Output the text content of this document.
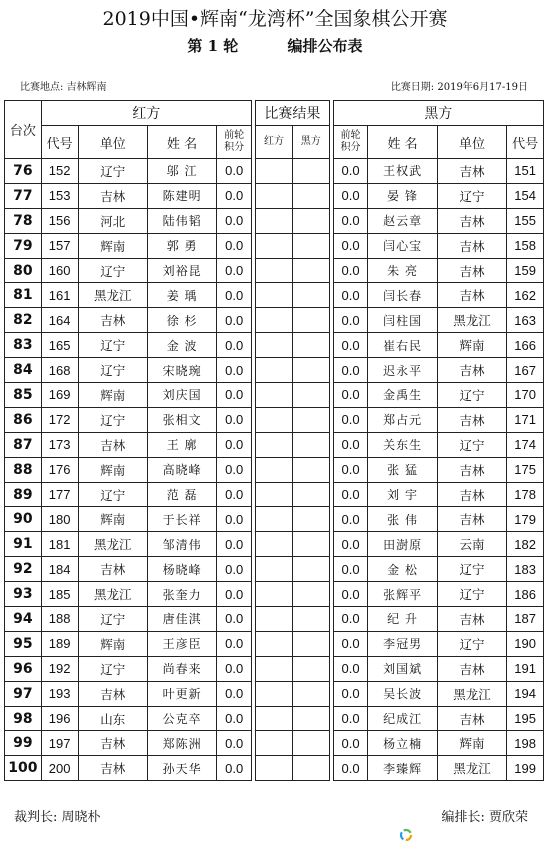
2019中国•辉南“龙湾杯”全国象棋公开赛
第 1 轮	编排公布表
比赛地点: 吉林辉南	比赛日期: 2019年6月17-19日
台次	红方					比赛结果			黑方			
	代号	单位	姓 名	前轮积分		红方	黑方		前轮积分	姓 名	单位	代号
76	152	辽宁	邬 江	0.0					0.0	王权武	吉林	151
77	153	吉林	陈建明	0.0					0.0	晏 锋	辽宁	154
78	156	河北	陆伟韬	0.0					0.0	赵云章	吉林	155
79	157	辉南	郭 勇	0.0					0.0	闫心宝	吉林	158
80	160	辽宁	刘裕昆	0.0					0.0	朱 亮	吉林	159
81	161	黑龙江	姜 瑀	0.0					0.0	闫长春	吉林	162
82	164	吉林	徐 杉	0.0					0.0	闫柱国	黑龙江	163
83	165	辽宁	金 波	0.0					0.0	崔右民	辉南	166
84	168	辽宁	宋晓琬	0.0					0.0	迟永平	吉林	167
85	169	辉南	刘庆国	0.0					0.0	金禹生	辽宁	170
86	172	辽宁	张相文	0.0					0.0	郑占元	吉林	171
87	173	吉林	王 廓	0.0					0.0	关东生	辽宁	174
88	176	辉南	高晓峰	0.0					0.0	张 猛	吉林	175
89	177	辽宁	范 磊	0.0					0.0	刘 宇	吉林	178
90	180	辉南	于长祥	0.0					0.0	张 伟	吉林	179
91	181	黑龙江	邹清伟	0.0					0.0	田澍原	云南	182
92	184	吉林	杨晓峰	0.0					0.0	金 松	辽宁	183
93	185	黑龙江	张奎力	0.0					0.0	张辉平	辽宁	186
94	188	辽宁	唐佳淇	0.0					0.0	纪 升	吉林	187
95	189	辉南	王彦臣	0.0					0.0	李冠男	辽宁	190
96	192	辽宁	尚春来	0.0					0.0	刘国斌	吉林	191
97	193	吉林	叶更新	0.0					0.0	吴长波	黑龙江	194
98	196	山东	公克卒	0.0					0.0	纪成江	吉林	195
99	197	吉林	郑陈洲	0.0					0.0	杨立楠	辉南	198
100	200	吉林	孙天华	0.0					0.0	李臻辉	黑龙江	199
裁判长: 周晓朴	编排长: 贾欣荣
